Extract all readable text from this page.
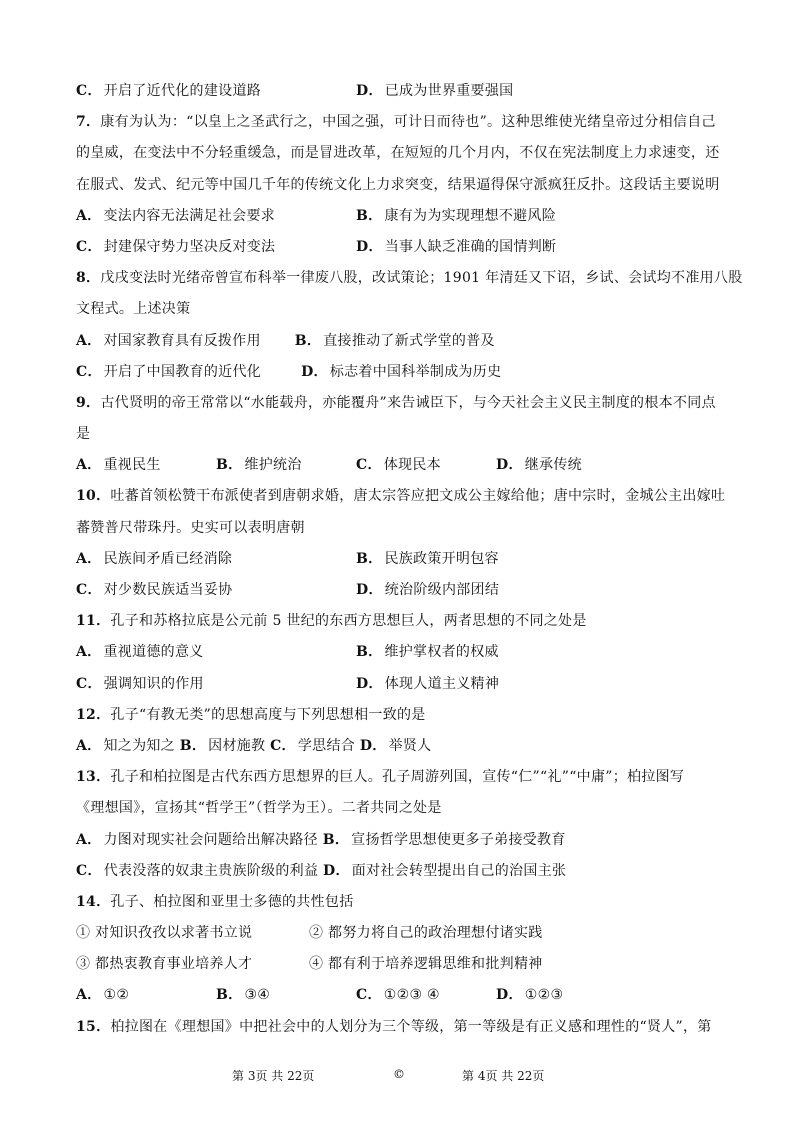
C． 开启了近代化的建设道路	D． 已成为世界重要强国
7．康有为认为：“以皇上之圣武行之，中国之强，可计日而待也”。这种思维使光绪皇帝过分相信自己
的皇威，在变法中不分轻重缓急，而是冒进改革，在短短的几个月内，不仅在宪法制度上力求速变，还
在服式、发式、纪元等中国几千年的传统文化上力求突变，结果逼得保守派疯狂反扑。这段话主要说明
A． 变法内容无法满足社会要求	B． 康有为为实现理想不避风险
C． 封建保守势力坚决反对变法	D． 当事人缺乏准确的国情判断
8．戊戌变法时光绪帝曾宣布科举一律废八股，改试策论；1901 年清廷又下诏，乡试、会试均不准用八股
文程式。上述决策
A． 对国家教育具有反拨作用 B． 直接推动了新式学堂的普及
C． 开启了中国教育的近代化	D． 标志着中国科举制成为历史
9．古代贤明的帝王常常以“水能载舟，亦能覆舟”来告诫臣下，与今天社会主义民主制度的根本不同点
是
A． 重视民生	B． 维护统治	C． 体现民本	D． 继承传统
10．吐蕃首领松赞干布派使者到唐朝求婚，唐太宗答应把文成公主嫁给他；唐中宗时，金城公主出嫁吐
蕃赞普尺带珠丹。史实可以表明唐朝
A． 民族间矛盾已经消除	B． 民族政策开明包容
C． 对少数民族适当妥协	D． 统治阶级内部团结
11．孔子和苏格拉底是公元前 5 世纪的东西方思想巨人，两者思想的不同之处是
A． 重视道德的意义	B． 维护掌权者的权威
C． 强调知识的作用	D． 体现人道主义精神
12．孔子“有教无类”的思想高度与下列思想相一致的是
A． 知之为知之 B． 因材施教 C． 学思结合 D． 举贤人
13．孔子和柏拉图是古代东西方思想界的巨人。孔子周游列国，宣传“仁”“礼”“中庸”；柏拉图写
《理想国》，宣扬其“哲学王”（哲学为王）。二者共同之处是
A． 力图对现实社会问题给出解决路径 B． 宣扬哲学思想使更多子弟接受教育
C． 代表没落的奴隶主贵族阶级的利益 D． 面对社会转型提出自己的治国主张
14．孔子、柏拉图和亚里士多德的共性包括
① 对知识孜孜以求著书立说	② 都努力将自己的政治理想付诸实践
③ 都热衷教育事业培养人才	④ 都有利于培养逻辑思维和批判精神
A． ①②	B． ③④	C． ①②③ ④	D． ①②③
15．柏拉图在《理想国》中把社会中的人划分为三个等级，第一等级是有正义感和理性的“贤人”，第
第 3页 共 22页	©	第 4页 共 22页
